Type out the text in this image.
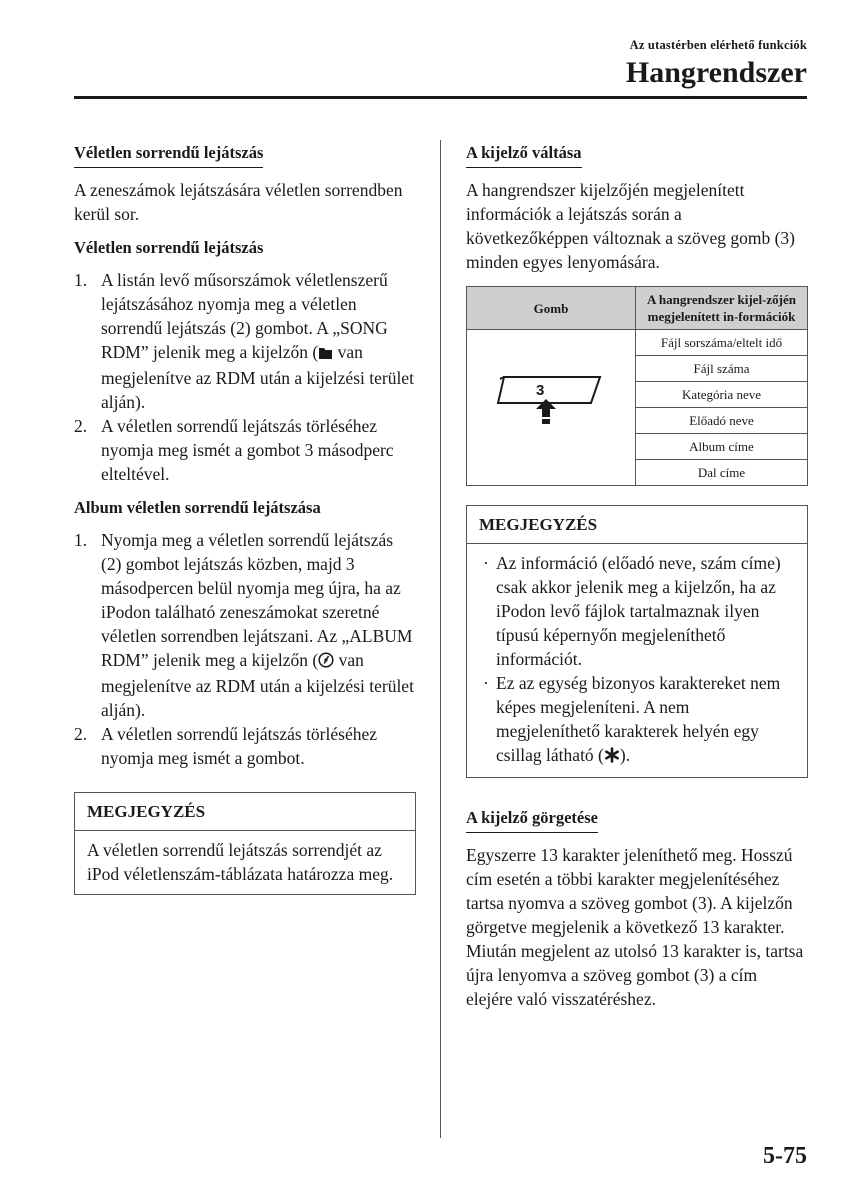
Az utastérben elérhető funkciók
Hangrendszer
Véletlen sorrendű lejátszás

A zeneszámok lejátszására véletlen sorrendben kerül sor.

Véletlen sorrendű lejátszás
1. A listán levő műsorszámok véletlenszerű lejátszásához nyomja meg a véletlen sorrendű lejátszás (2) gombot. A „SONG RDM” jelenik meg a kijelzőn ( van megjelenítve az RDM után a kijelzési terület alján).
2. A véletlen sorrendű lejátszás törléséhez nyomja meg ismét a gombot 3 másodperc elteltével.
Album véletlen sorrendű lejátszása
1. Nyomja meg a véletlen sorrendű lejátszás (2) gombot lejátszás közben, majd 3 másodpercen belül nyomja meg újra, ha az iPodon található zeneszámokat szeretné véletlen sorrendben lejátszani. Az „ALBUM RDM” jelenik meg a kijelzőn ( van megjelenítve az RDM után a kijelzési terület alján).
2. A véletlen sorrendű lejátszás törléséhez nyomja meg ismét a gombot.
MEGJEGYZÉS
A véletlen sorrendű lejátszás sorrendjét az iPod véletlenszám-táblázata határozza meg.
A kijelző váltása

A hangrendszer kijelzőjén megjelenített információk a lejátszás során a következőképpen változnak a szöveg gomb (3) minden egyes lenyomására.

Gomb	A hangrendszer kijel-zőjén megjelenített in-formációk

3	Fájl sorszáma/eltelt idő
	Fájl száma
	Kategória neve
	Előadó neve
	Album címe
	Dal címe
MEGJEGYZÉS
· Az információ (előadó neve, szám címe) csak akkor jelenik meg a kijelzőn, ha az iPodon levő fájlok tartalmaznak ilyen típusú képernyőn megjeleníthető információt.
· Ez az egység bizonyos karaktereket nem képes megjeleníteni. A nem megjeleníthető karakterek helyén egy csillag látható ( ).
A kijelző görgetése

Egyszerre 13 karakter jeleníthető meg. Hosszú cím esetén a többi karakter megjelenítéséhez tartsa nyomva a szöveg gombot (3). A kijelzőn görgetve megjelenik a következő 13 karakter. Miután megjelent az utolsó 13 karakter is, tartsa újra lenyomva a szöveg gombot (3) a cím elejére való visszatéréshez.

5-75
